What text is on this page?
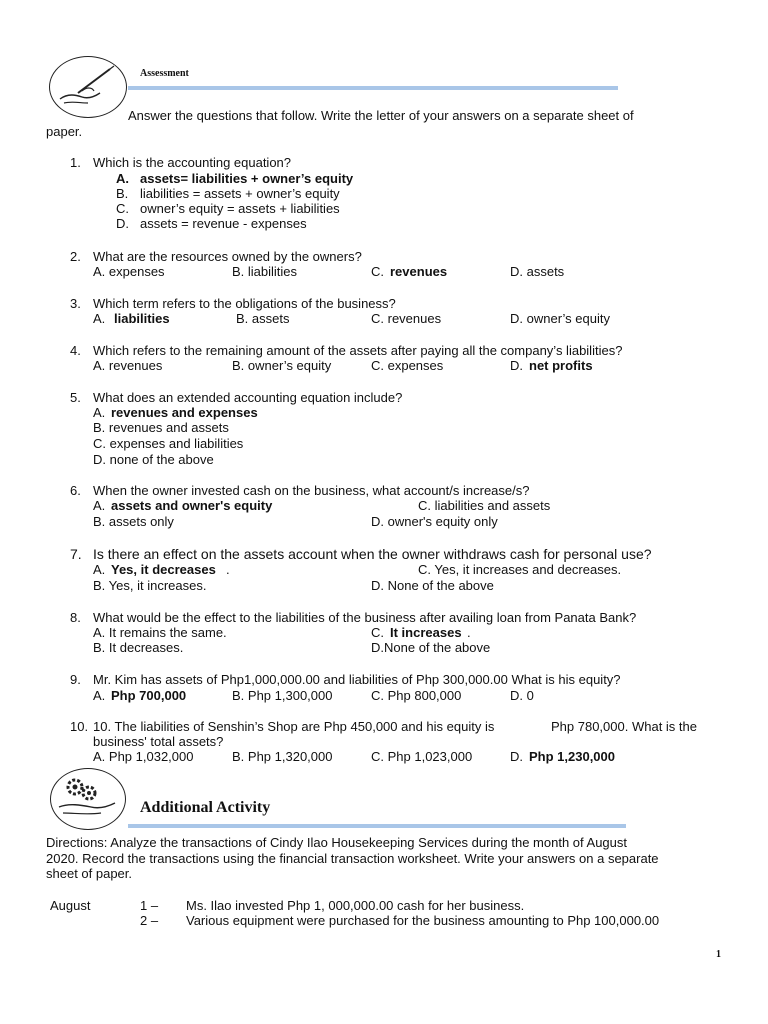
Assessment
Answer the questions that follow. Write the letter of your answers on a separate sheet of
paper.
1. Which is the accounting equation?
A. assets= liabilities + owner’s equity
B. liabilities = assets + owner’s equity
C. owner’s equity = assets + liabilities
D. assets = revenue - expenses
2. What are the resources owned by the owners?
A. expenses	B. liabilities	C. revenues	D. assets
3. Which term refers to the obligations of the business?
A. liabilities	B. assets	C. revenues	D. owner’s equity
4. Which refers to the remaining amount of the assets after paying all the company’s liabilities?
A. revenues	B. owner’s equity	C. expenses	D. net profits
5. What does an extended accounting equation include?
A. revenues and expenses
B. revenues and assets
C. expenses and liabilities
D. none of the above
6. When the owner invested cash on the business, what account/s increase/s?
A. assets and owner's equity	C. liabilities and assets
B. assets only	D. owner's equity only
7. Is there an effect on the assets account when the owner withdraws cash for personal use?
A. Yes, it decreases .	C. Yes, it increases and decreases.
B. Yes, it increases.	D. None of the above
8. What would be the effect to the liabilities of the business after availing loan from Panata Bank?
A. It remains the same.	C. It increases .
B. It decreases.	D.None of the above
9. Mr. Kim has assets of Php1,000,000.00 and liabilities of Php 300,000.00 What is his equity?
A. Php 700,000	B. Php 1,300,000	C. Php 800,000	D. 0
10. 10. The liabilities of Senshin’s Shop are Php 450,000 and his equity is	Php 780,000. What is the
business' total assets?
A. Php 1,032,000	B. Php 1,320,000	C. Php 1,023,000	D. Php 1,230,000
Additional Activity
Directions: Analyze the transactions of Cindy Ilao Housekeeping Services during the month of August
2020. Record the transactions using the financial transaction worksheet. Write your answers on a separate
sheet of paper.
August	1 – Ms. Ilao invested Php 1, 000,000.00 cash for her business.
2 – Various equipment were purchased for the business amounting to Php 100,000.00
1
